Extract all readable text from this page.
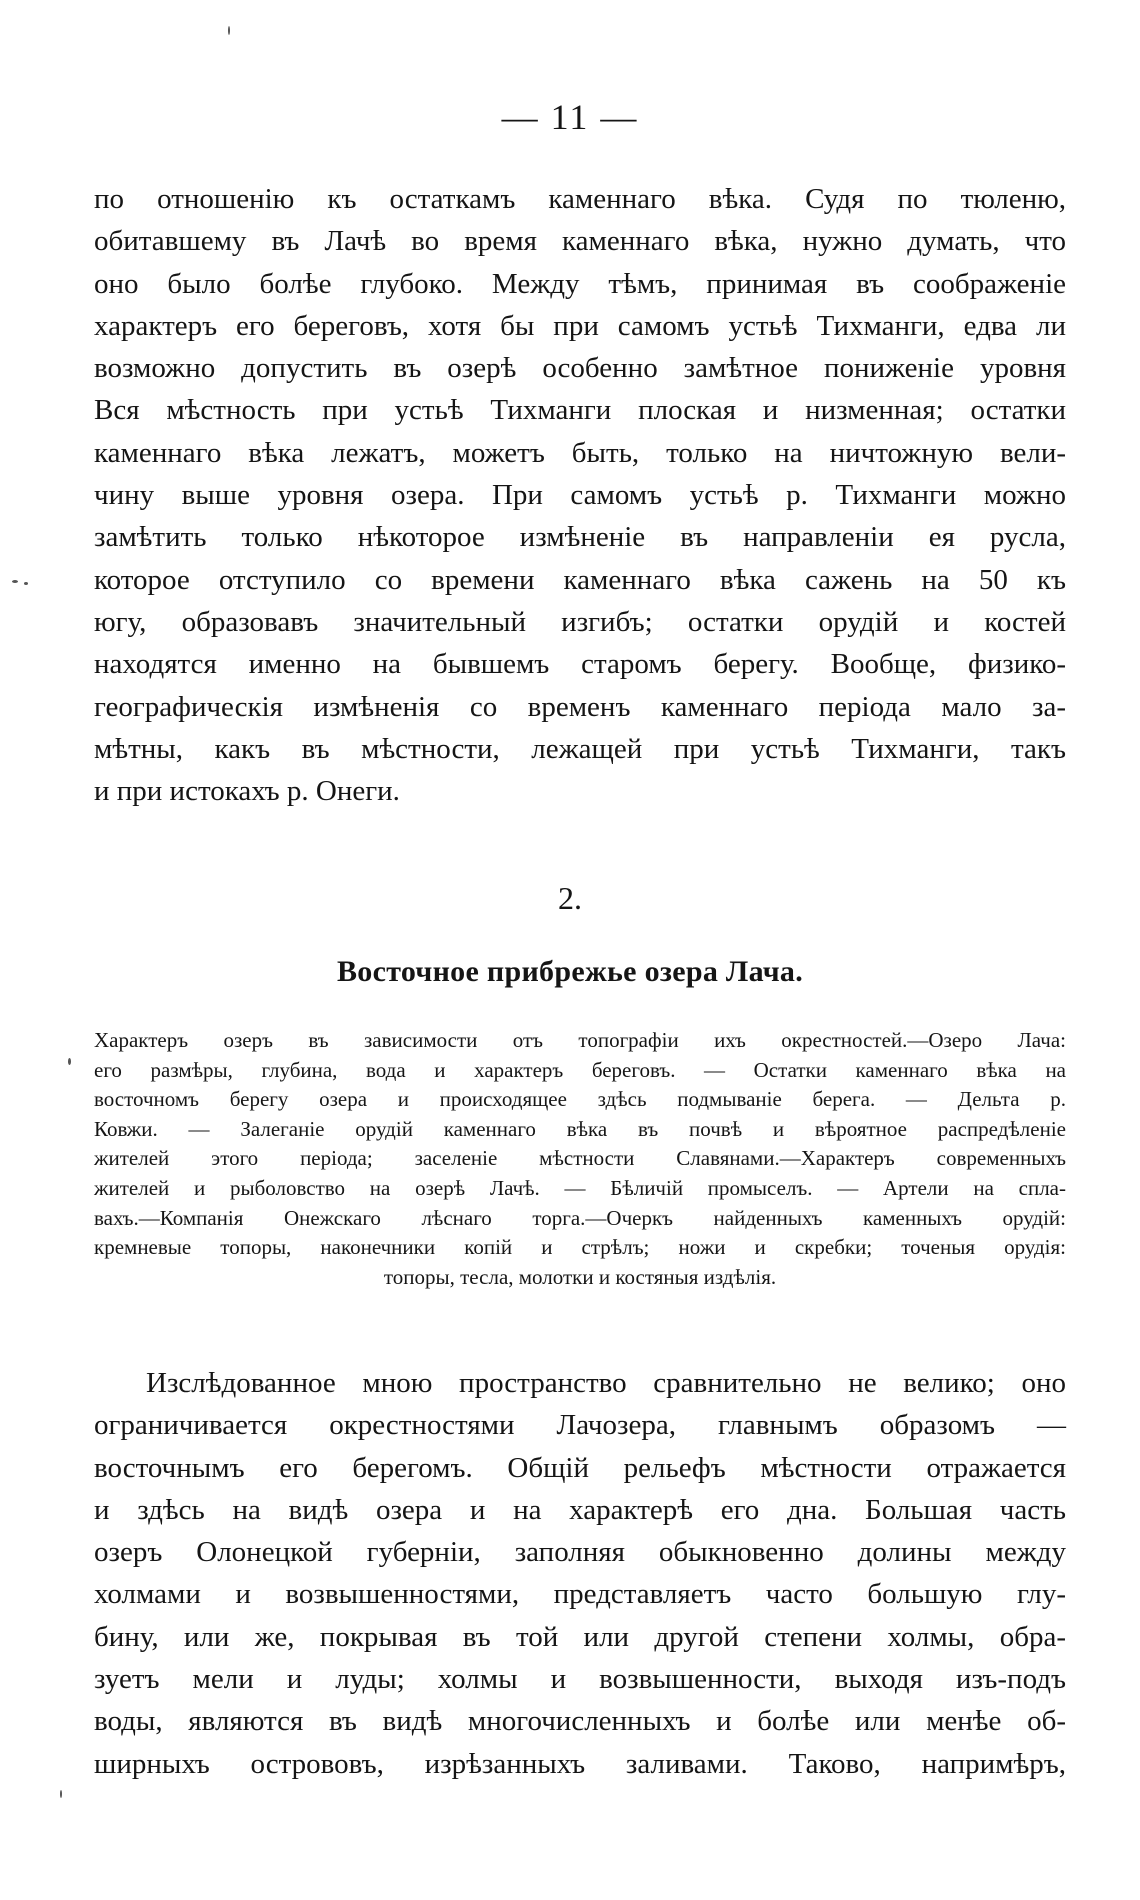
— 11 —
по отношенію къ остаткамъ каменнаго вѣка. Судя по тюленю,
обитавшему въ Лачѣ во время каменнаго вѣка, нужно думать, что
оно было болѣе глубоко. Между тѣмъ, принимая въ соображеніе
характеръ его береговъ, хотя бы при самомъ устьѣ Тихманги, едва ли
возможно допустить въ озерѣ особенно замѣтное пониженіе уровня
Вся мѣстность при устьѣ Тихманги плоская и низменная; остатки
каменнаго вѣка лежатъ, можетъ быть, только на ничтожную вели-
чину выше уровня озера. При самомъ устьѣ р. Тихманги можно
замѣтить только нѣкоторое измѣненіе въ направленіи ея русла,
которое отступило со времени каменнаго вѣка сажень на 50 къ
югу, образовавъ значительный изгибъ; остатки орудій и костей
находятся именно на бывшемъ старомъ берегу. Вообще, физико-
географическія измѣненія со временъ каменнаго періода мало за-
мѣтны, какъ въ мѣстности, лежащей при устьѣ Тихманги, такъ
и при истокахъ р. Онеги.
2.
Восточное прибрежье озера Лача.
Характеръ озеръ въ зависимости отъ топографіи ихъ окрестностей.—Озеро Лача:
его размѣры, глубина, вода и характеръ береговъ. — Остатки каменнаго вѣка на
восточномъ берегу озера и происходящее здѣсь подмываніе берега. — Дельта р.
Ковжи. — Залеганіе орудій каменнаго вѣка въ почвѣ и вѣроятное распредѣленіе
жителей этого періода; заселеніе мѣстности Славянами.—Характеръ современныхъ
жителей и рыболовство на озерѣ Лачѣ. — Бѣличій промыселъ. — Артели на спла-
вахъ.—Компанія Онежскаго лѣснаго торга.—Очеркъ найденныхъ каменныхъ орудій:
кремневые топоры, наконечники копій и стрѣлъ; ножи и скребки; точеныя орудія:
топоры, тесла, молотки и костяныя издѣлія.
Изслѣдованное мною пространство сравнительно не велико; оно
ограничивается окрестностями Лачозера, главнымъ образомъ —
восточнымъ его берегомъ. Общій рельефъ мѣстности отражается
и здѣсь на видѣ озера и на характерѣ его дна. Большая часть
озеръ Олонецкой губерніи, заполняя обыкновенно долины между
холмами и возвышенностями, представляетъ часто большую глу-
бину, или же, покрывая въ той или другой степени холмы, обра-
зуетъ мели и луды; холмы и возвышенности, выходя изъ-подъ
воды, являются въ видѣ многочисленныхъ и болѣе или менѣе об-
ширныхъ острововъ, изрѣзанныхъ заливами. Таково, напримѣръ,
